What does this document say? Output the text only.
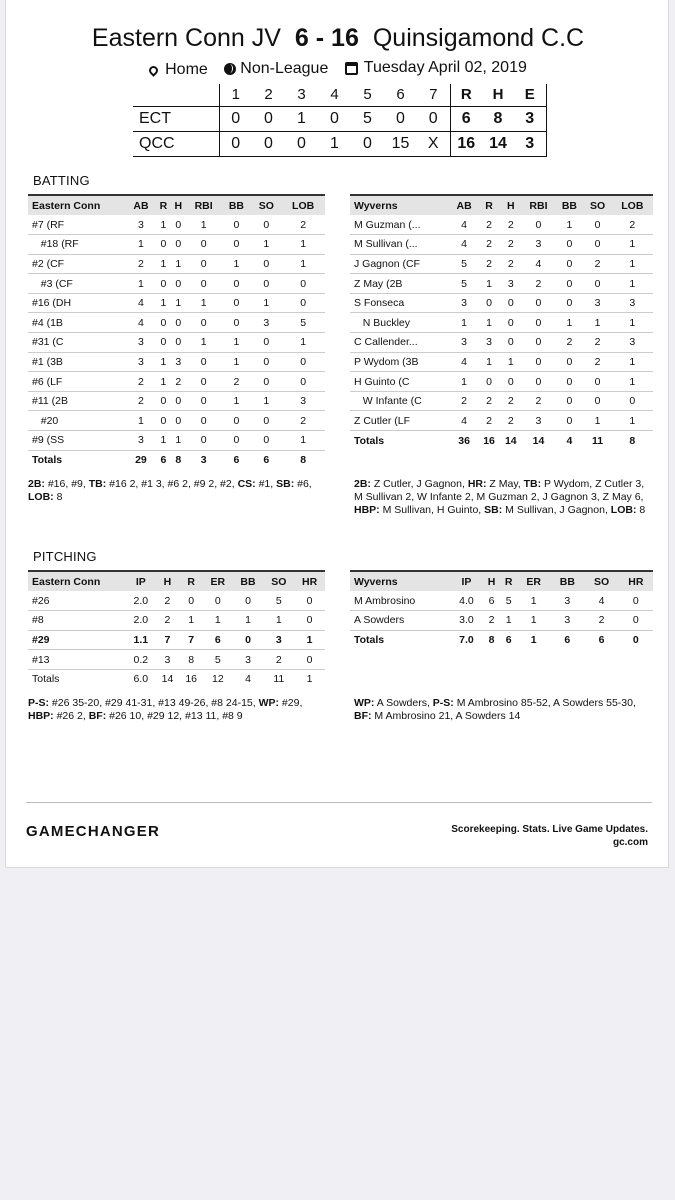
Eastern Conn JV 6 - 16 Quinsigamond C.C
Home
Non-League
Tuesday April 02, 2019
	1	2	3	4	5	6	7	R	H	E
ECT	0	0	1	0	5	0	0	6	8	3
QCC	0	0	0	1	0	15	X	16	14	3
BATTING
Eastern Conn	AB	R	H	RBI	BB	SO	LOB
#7 (RF	3	1	0	1	0	0	2
#18 (RF	1	0	0	0	0	1	1
#2 (CF	2	1	1	0	1	0	1
#3 (CF	1	0	0	0	0	0	0
#16 (DH	4	1	1	1	0	1	0
#4 (1B	4	0	0	0	0	3	5
#31 (C	3	0	0	1	1	0	1
#1 (3B	3	1	3	0	1	0	0
#6 (LF	2	1	2	0	2	0	0
#11 (2B	2	0	0	0	1	1	3
#20	1	0	0	0	0	0	2
#9 (SS	3	1	1	0	0	0	1
Totals	29	6	8	3	6	6	8
Wyverns	AB	R	H	RBI	BB	SO	LOB
M Guzman (...	4	2	2	0	1	0	2
M Sullivan (...	4	2	2	3	0	0	1
J Gagnon (CF	5	2	2	4	0	2	1
Z May (2B	5	1	3	2	0	0	1
S Fonseca	3	0	0	0	0	3	3
N Buckley	1	1	0	0	1	1	1
C Callender...	3	3	0	0	2	2	3
P Wydom (3B	4	1	1	0	0	2	1
H Guinto (C	1	0	0	0	0	0	1
W Infante (C	2	2	2	2	0	0	0
Z Cutler (LF	4	2	2	3	0	1	1
Totals	36	16	14	14	4	11	8
2B: #16, #9, TB: #16 2, #1 3, #6 2, #9 2, #2, CS: #1, SB: #6, LOB: 8
2B: Z Cutler, J Gagnon, HR: Z May, TB: P Wydom, Z Cutler 3, M Sullivan 2, W Infante 2, M Guzman 2, J Gagnon 3, Z May 6, HBP: M Sullivan, H Guinto, SB: M Sullivan, J Gagnon, LOB: 8
PITCHING
Eastern Conn	IP	H	R	ER	BB	SO	HR
#26	2.0	2	0	0	0	5	0
#8	2.0	2	1	1	1	1	0
#29	1.1	7	7	6	0	3	1
#13	0.2	3	8	5	3	2	0
Totals	6.0	14	16	12	4	11	1
Wyverns	IP	H	R	ER	BB	SO	HR
M Ambrosino	4.0	6	5	1	3	4	0
A Sowders	3.0	2	1	1	3	2	0
Totals	7.0	8	6	1	6	6	0
P-S: #26 35-20, #29 41-31, #13 49-26, #8 24-15, WP: #29, HBP: #26 2, BF: #26 10, #29 12, #13 11, #8 9
WP: A Sowders, P-S: M Ambrosino 85-52, A Sowders 55-30, BF: M Ambrosino 21, A Sowders 14
GAMECHANGER	Scorekeeping. Stats. Live Game Updates.
gc.com
